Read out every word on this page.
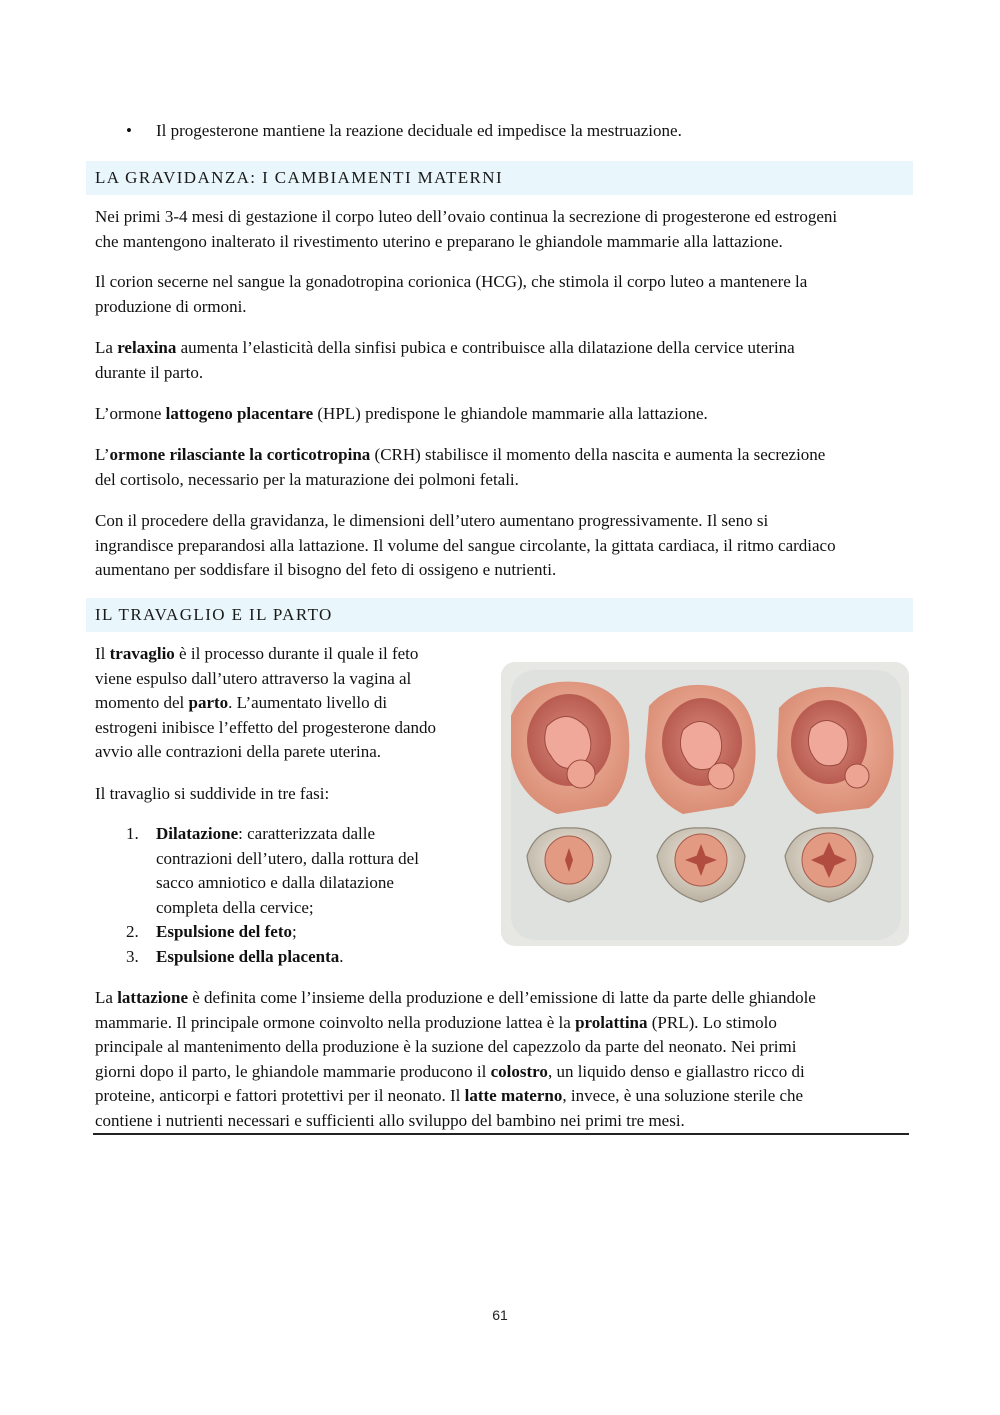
• Il progesterone mantiene la reazione deciduale ed impedisce la mestruazione.
LA GRAVIDANZA: I CAMBIAMENTI MATERNI
Nei primi 3-4 mesi di gestazione il corpo luteo dell’ovaio continua la secrezione di progesterone ed estrogeni
che mantengono inalterato il rivestimento uterino e preparano le ghiandole mammarie alla lattazione.
Il corion secerne nel sangue la gonadotropina corionica (HCG), che stimola il corpo luteo a mantenere la
produzione di ormoni.
La relaxina aumenta l’elasticità della sinfisi pubica e contribuisce alla dilatazione della cervice uterina
durante il parto.
L’ormone lattogeno placentare (HPL) predispone le ghiandole mammarie alla lattazione.
L’ormone rilasciante la corticotropina (CRH) stabilisce il momento della nascita e aumenta la secrezione
del cortisolo, necessario per la maturazione dei polmoni fetali.
Con il procedere della gravidanza, le dimensioni dell’utero aumentano progressivamente. Il seno si
ingrandisce preparandosi alla lattazione. Il volume del sangue circolante, la gittata cardiaca, il ritmo cardiaco
aumentano per soddisfare il bisogno del feto di ossigeno e nutrienti.
IL TRAVAGLIO E IL PARTO
Il travaglio è il processo durante il quale il feto
viene espulso dall’utero attraverso la vagina al
momento del parto. L’aumentato livello di
estrogeni inibisce l’effetto del progesterone dando
avvio alle contrazioni della parete uterina.
Il travaglio si suddivide in tre fasi:
1. Dilatazione: caratterizzata dalle
contrazioni dell’utero, dalla rottura del
sacco amniotico e dalla dilatazione
completa della cervice;
2. Espulsione del feto;
3. Espulsione della placenta.
La lattazione è definita come l’insieme della produzione e dell’emissione di latte da parte delle ghiandole
mammarie. Il principale ormone coinvolto nella produzione lattea è la prolattina (PRL). Lo stimolo
principale al mantenimento della produzione è la suzione del capezzolo da parte del neonato. Nei primi
giorni dopo il parto, le ghiandole mammarie producono il colostro, un liquido denso e giallastro ricco di
proteine, anticorpi e fattori protettivi per il neonato. Il latte materno, invece, è una soluzione sterile che
contiene i nutrienti necessari e sufficienti allo sviluppo del bambino nei primi tre mesi.
61
